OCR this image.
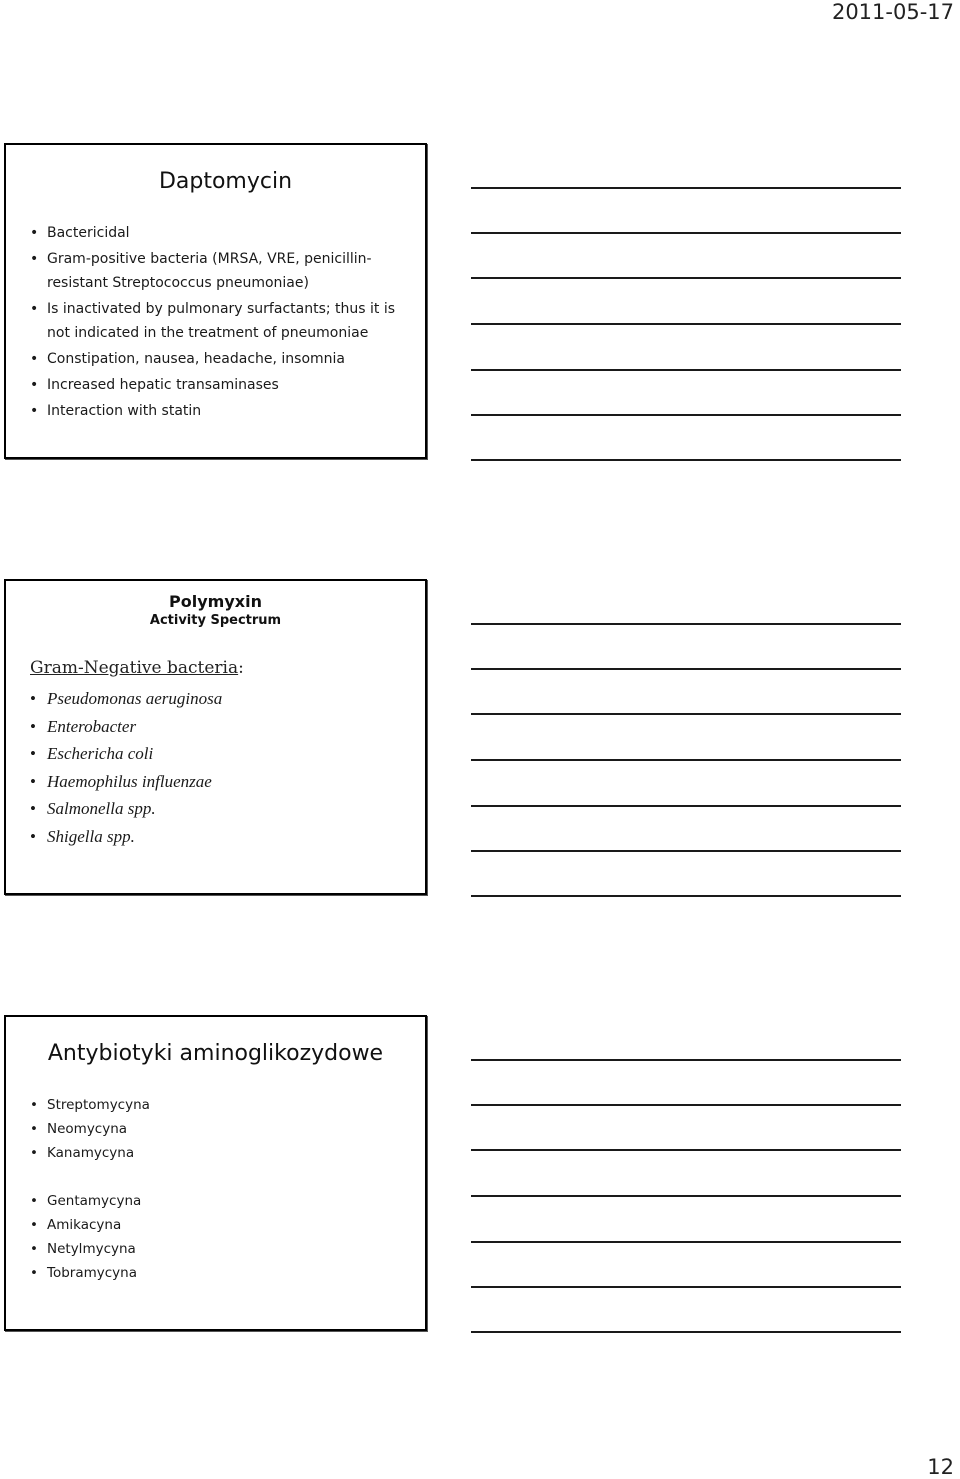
2011-05-17
Daptomycin
• Bactericidal
• Gram-positive bacteria (MRSA, VRE, penicillin-resistant Streptococcus pneumoniae)
• Is inactivated by pulmonary surfactants; thus it is not indicated in the treatment of pneumoniae
• Constipation, nausea, headache, insomnia
• Increased hepatic transaminases
• Interaction with statin
Polymyxin
Activity Spectrum
Gram-Negative bacteria:
• Pseudomonas aeruginosa
• Enterobacter
• Eschericha coli
• Haemophilus influenzae
• Salmonella spp.
• Shigella spp.
Antybiotyki aminoglikozydowe
• Streptomycyna
• Neomycyna
• Kanamycyna
• Gentamycyna
• Amikacyna
• Netylmycyna
• Tobramycyna
12
